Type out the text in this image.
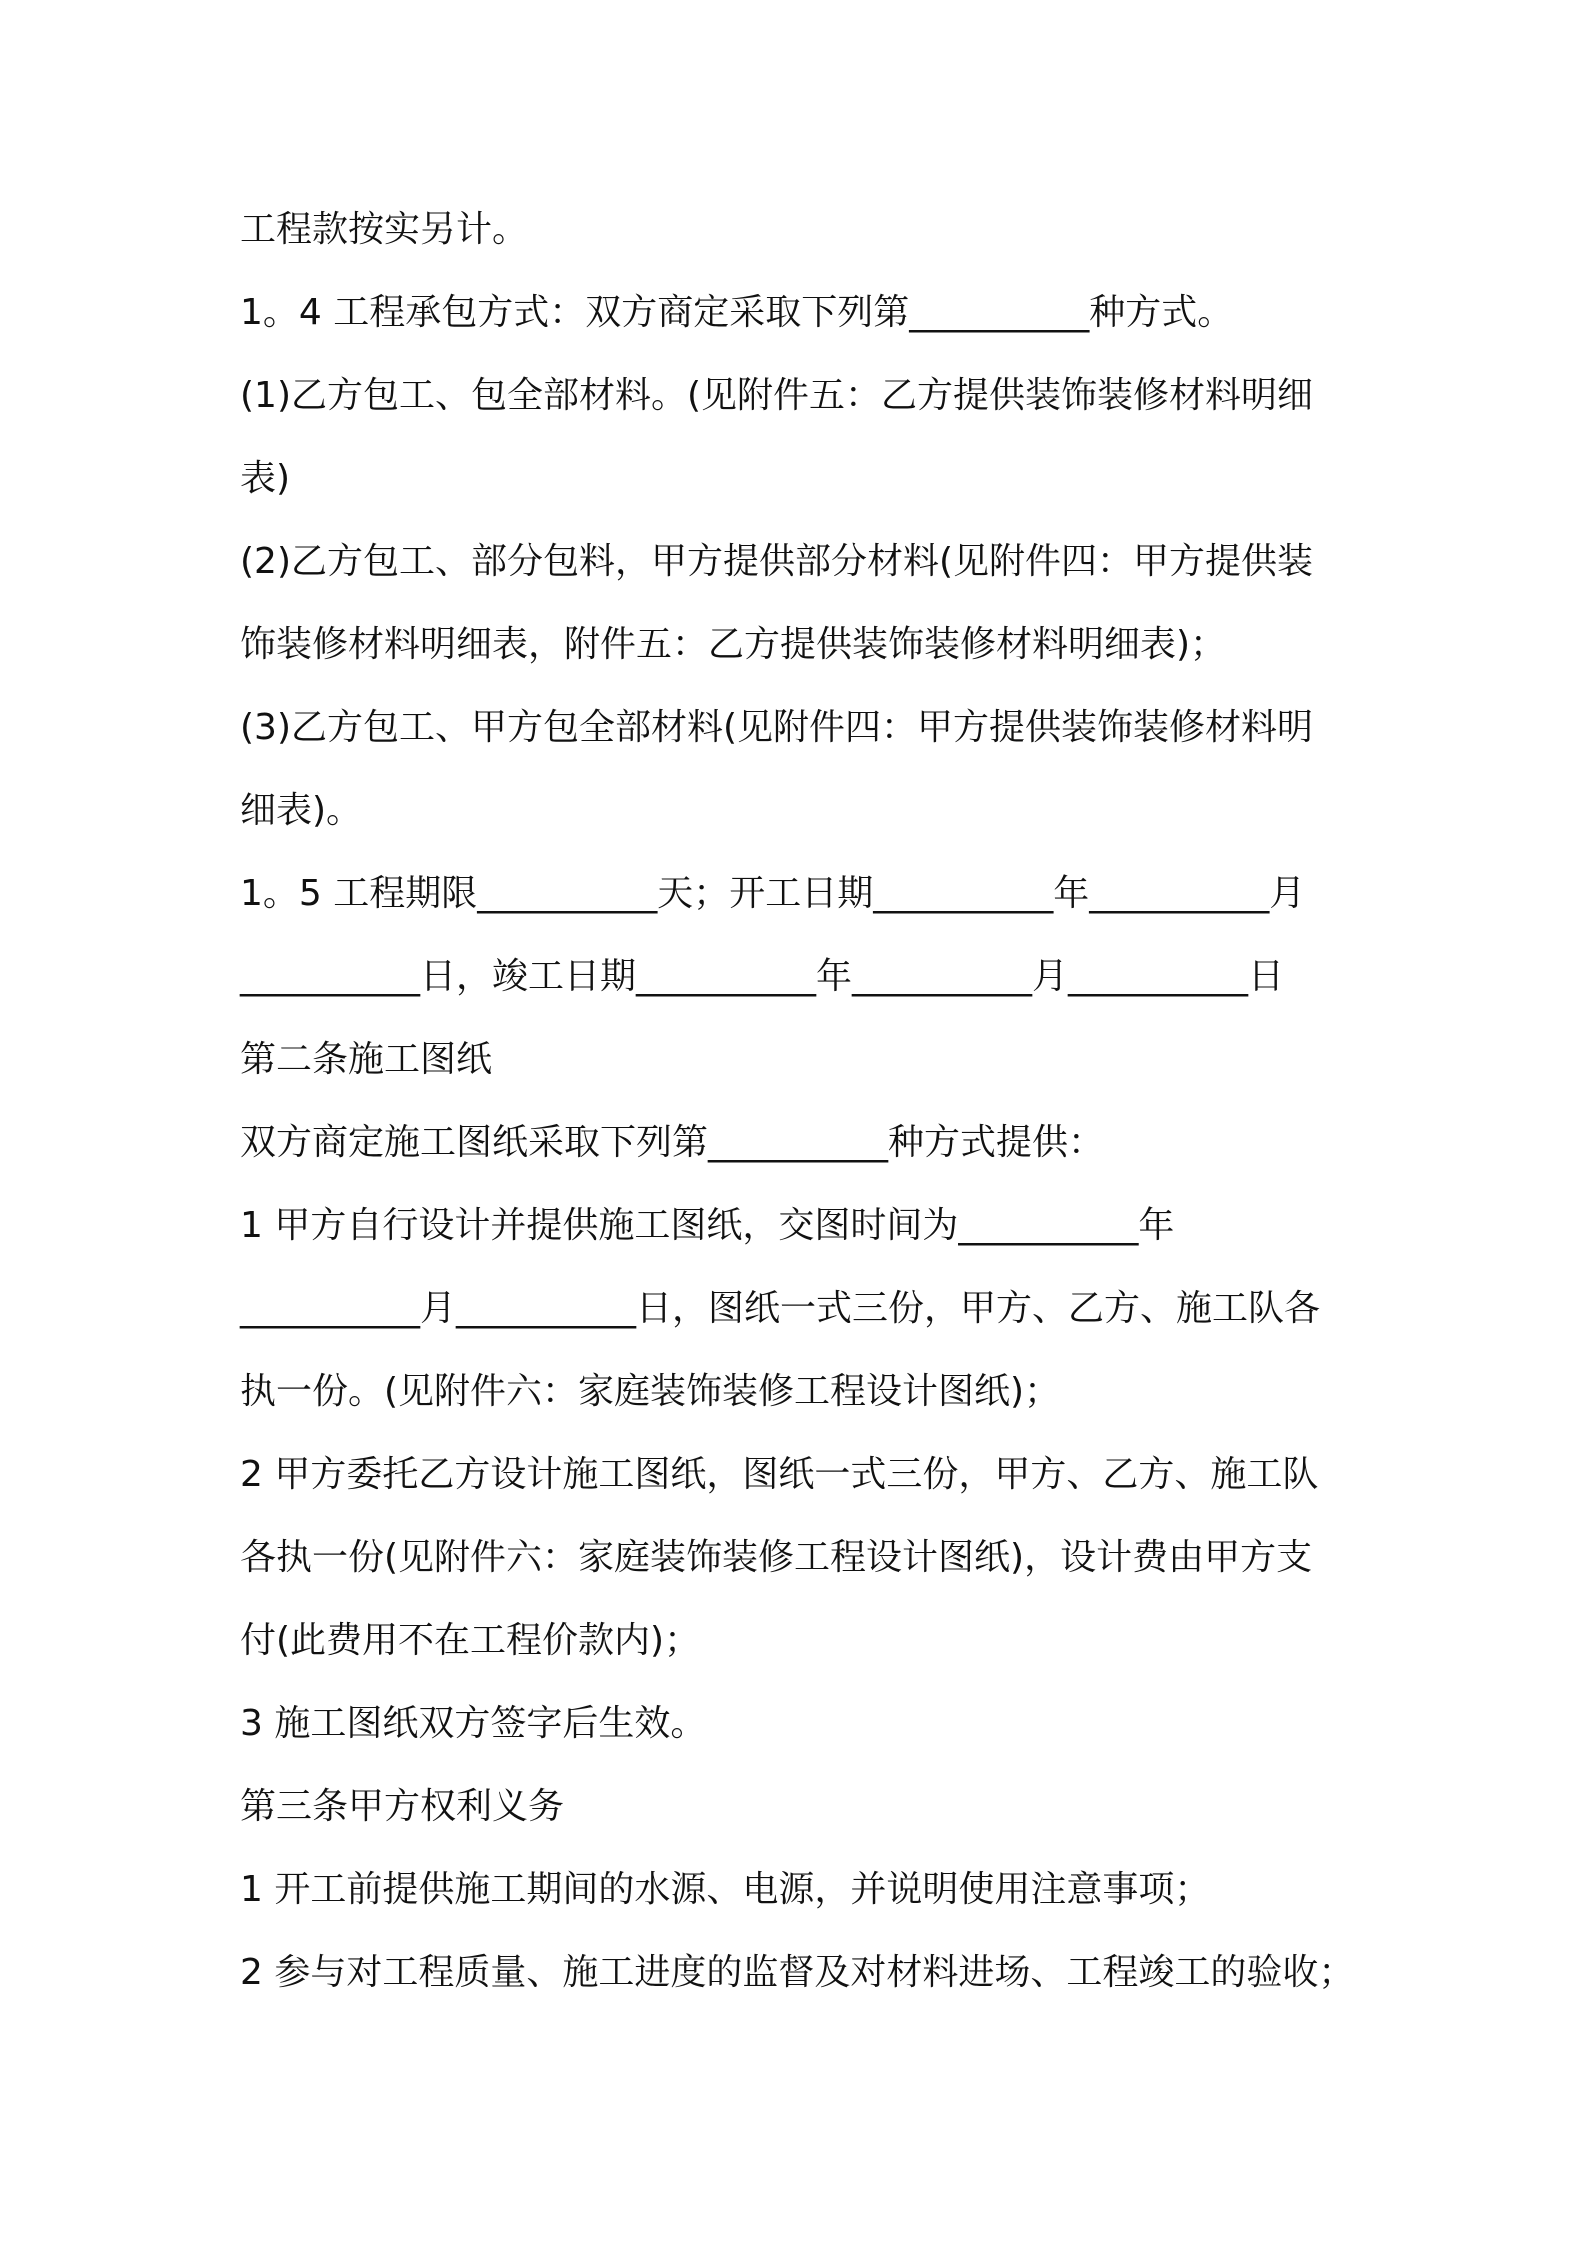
工程款按实另计。
1。4 工程承包方式：双方商定采取下列第__________种方式。
(1)乙方包工、包全部材料。(见附件五：乙方提供装饰装修材料明细
表)
(2)乙方包工、部分包料，甲方提供部分材料(见附件四：甲方提供装
饰装修材料明细表，附件五：乙方提供装饰装修材料明细表)；
(3)乙方包工、甲方包全部材料(见附件四：甲方提供装饰装修材料明
细表)。
1。5 工程期限__________天；开工日期__________年__________月
__________日，竣工日期__________年__________月__________日
第二条施工图纸
双方商定施工图纸采取下列第__________种方式提供：
1 甲方自行设计并提供施工图纸，交图时间为__________年
__________月__________日，图纸一式三份，甲方、乙方、施工队各
执一份。(见附件六：家庭装饰装修工程设计图纸)；
2 甲方委托乙方设计施工图纸，图纸一式三份，甲方、乙方、施工队
各执一份(见附件六：家庭装饰装修工程设计图纸)，设计费由甲方支
付(此费用不在工程价款内)；
3 施工图纸双方签字后生效。
第三条甲方权利义务
1 开工前提供施工期间的水源、电源，并说明使用注意事项；
2 参与对工程质量、施工进度的监督及对材料进场、工程竣工的验收；
